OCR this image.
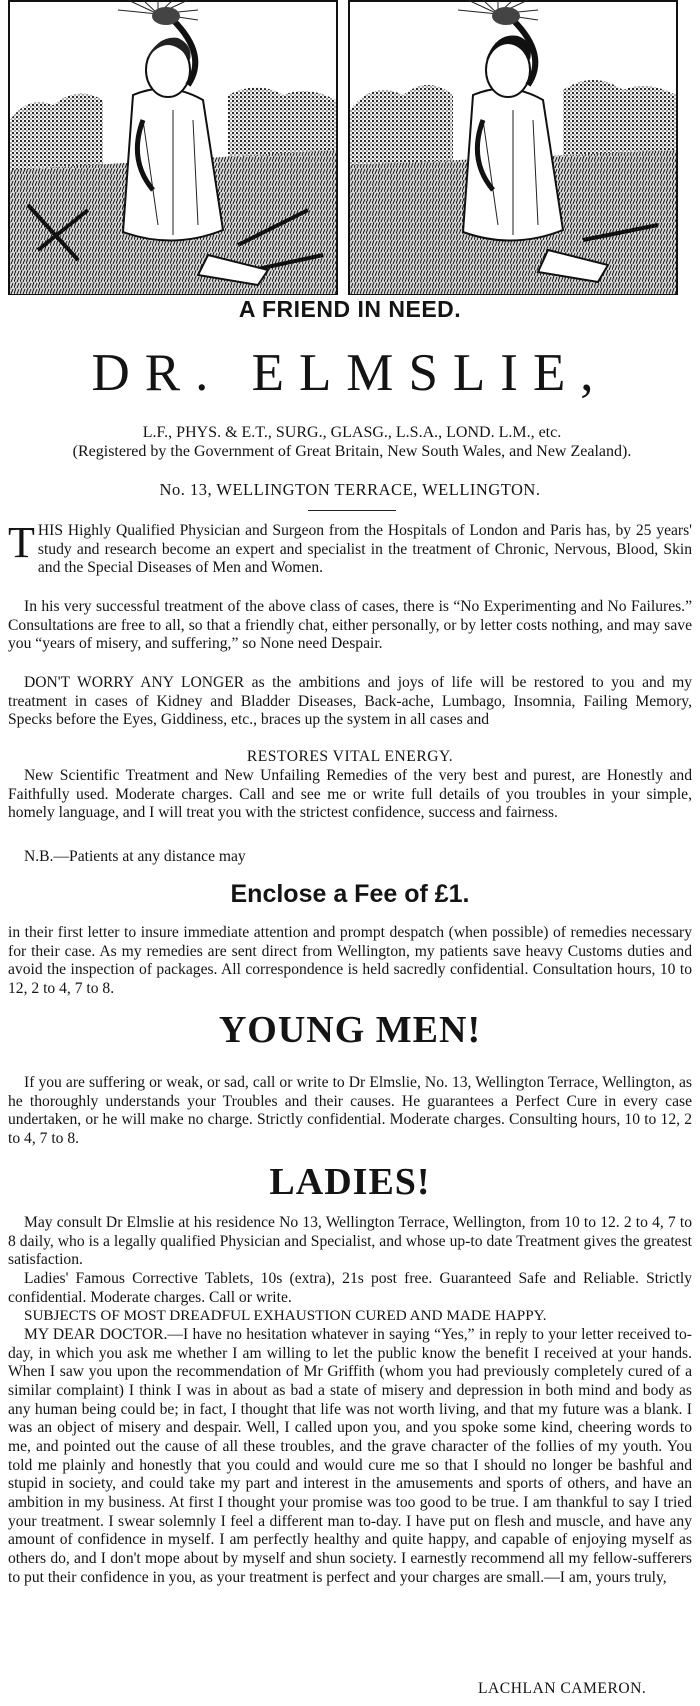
A FRIEND IN NEED.
DR. ELMSLIE,
L.F., PHYS. & E.T., SURG., GLASG., L.S.A., LOND. L.M., etc.
(Registered by the Government of Great Britain, New South Wales, and New Zealand).
No. 13, WELLINGTON TERRACE, WELLINGTON.
THIS Highly Qualified Physician and Surgeon from the Hospitals of London and Paris has, by 25 years' study and research become an expert and specialist in the treatment of Chronic, Nervous, Blood, Skin and the Special Diseases of Men and Women.
In his very successful treatment of the above class of cases, there is “No Experimenting and No Failures.” Consultations are free to all, so that a friendly chat, either personally, or by letter costs nothing, and may save you “years of misery, and suffering,” so None need Despair.
DON'T WORRY ANY LONGER as the ambitions and joys of life will be restored to you and my treatment in cases of Kidney and Bladder Diseases, Back-ache, Lumbago, Insomnia, Failing Memory, Specks before the Eyes, Giddiness, etc., braces up the system in all cases and
RESTORES VITAL ENERGY.
New Scientific Treatment and New Unfailing Remedies of the very best and purest, are Honestly and Faithfully used. Moderate charges. Call and see me or write full details of you troubles in your simple, homely language, and I will treat you with the strictest confidence, success and fairness.
N.B.—Patients at any distance may
Enclose a Fee of £1.
in their first letter to insure immediate attention and prompt despatch (when possible) of remedies necessary for their case. As my remedies are sent direct from Wellington, my patients save heavy Customs duties and avoid the inspection of packages. All correspondence is held sacredly confidential. Consultation hours, 10 to 12, 2 to 4, 7 to 8.
YOUNG MEN!
If you are suffering or weak, or sad, call or write to Dr Elmslie, No. 13, Wellington Terrace, Wellington, as he thoroughly understands your Troubles and their causes. He guarantees a Perfect Cure in every case undertaken, or he will make no charge. Strictly confidential. Moderate charges. Consulting hours, 10 to 12, 2 to 4, 7 to 8.
LADIES!
May consult Dr Elmslie at his residence No 13, Wellington Terrace, Wellington, from 10 to 12. 2 to 4, 7 to 8 daily, who is a legally qualified Physician and Specialist, and whose up-to date Treatment gives the greatest satisfaction.
Ladies' Famous Corrective Tablets, 10s (extra), 21s post free. Guaranteed Safe and Reliable. Strictly confidential. Moderate charges. Call or write.
SUBJECTS OF MOST DREADFUL EXHAUSTION CURED AND MADE HAPPY.
MY DEAR DOCTOR.—I have no hesitation whatever in saying “Yes,” in reply to your letter received to-day, in which you ask me whether I am willing to let the public know the benefit I received at your hands. When I saw you upon the recommendation of Mr Griffith (whom you had previously completely cured of a similar complaint) I think I was in about as bad a state of misery and depression in both mind and body as any human being could be; in fact, I thought that life was not worth living, and that my future was a blank. I was an object of misery and despair. Well, I called upon you, and you spoke some kind, cheering words to me, and pointed out the cause of all these troubles, and the grave character of the follies of my youth. You told me plainly and honestly that you could and would cure me so that I should no longer be bashful and stupid in society, and could take my part and interest in the amusements and sports of others, and have an ambition in my business. At first I thought your promise was too good to be true. I am thankful to say I tried your treatment. I swear solemnly I feel a different man to-day. I have put on flesh and muscle, and have any amount of confidence in myself. I am perfectly healthy and quite happy, and capable of enjoying myself as others do, and I don't mope about by myself and shun society. I earnestly recommend all my fellow-sufferers to put their confidence in you, as your treatment is perfect and your charges are small.—I am, yours truly,
LACHLAN CAMERON.
